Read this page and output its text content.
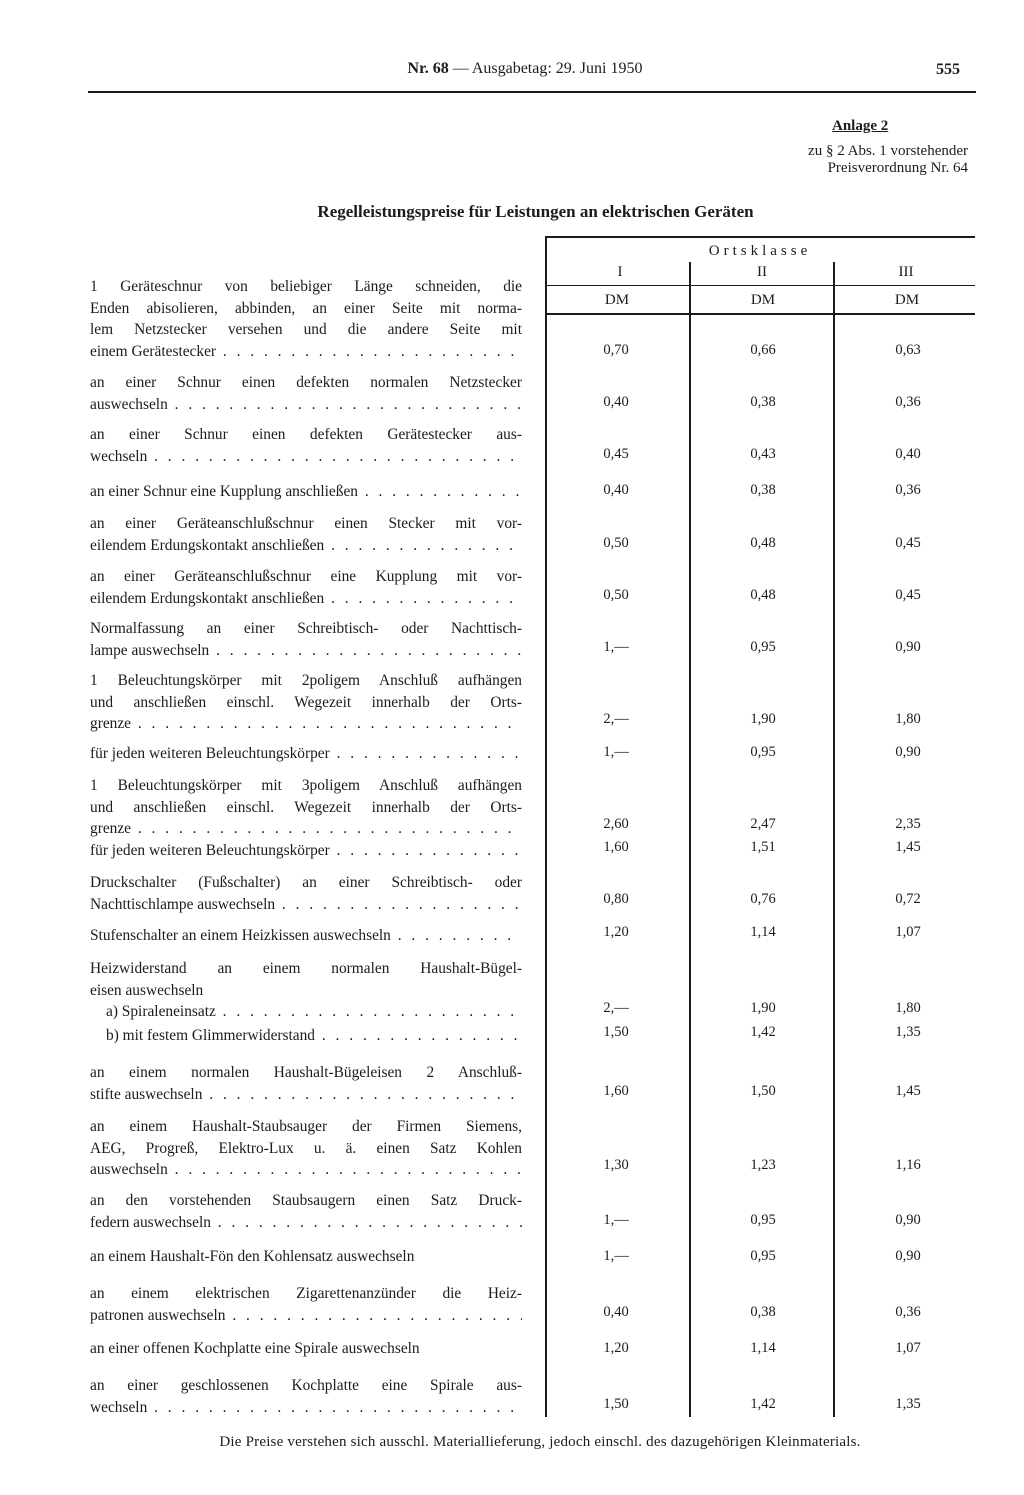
Nr. 68 — Ausgabetag: 29. Juni 1950	555
Anlage 2
zu § 2 Abs. 1 vorstehender
Preisverordnung Nr. 64
Regelleistungspreise für Leistungen an elektrischen Geräten
Ortsklasse
I	II	III
DM	DM	DM
1 Geräteschnur von beliebiger Länge schneiden, die
Enden abisolieren, abbinden, an einer Seite mit norma-
lem Netzstecker versehen und die andere Seite mit
einem Gerätestecker . . .	0,70	0,66	0,63
an einer Schnur einen defekten normalen Netzstecker
auswechseln . . .	0,40	0,38	0,36
an einer Schnur einen defekten Gerätestecker aus-
wechseln . . .	0,45	0,43	0,40
an einer Schnur eine Kupplung anschließen . . .	0,40	0,38	0,36
an einer Geräteanschlußschnur einen Stecker mit vor-
eilendem Erdungskontakt anschließen . . .	0,50	0,48	0,45
an einer Geräteanschlußschnur eine Kupplung mit vor-
eilendem Erdungskontakt anschließen . . .	0,50	0,48	0,45
Normalfassung an einer Schreibtisch- oder Nachttisch-
lampe auswechseln . . .	1,—	0,95	0,90
1 Beleuchtungskörper mit 2poligem Anschluß aufhängen
und anschließen einschl. Wegezeit innerhalb der Orts-
grenze . . .	2,—	1,90	1,80
für jeden weiteren Beleuchtungskörper . . .	1,—	0,95	0,90
1 Beleuchtungskörper mit 3poligem Anschluß aufhängen
und anschließen einschl. Wegezeit innerhalb der Orts-
grenze . . .	2,60	2,47	2,35
für jeden weiteren Beleuchtungskörper . . .	1,60	1,51	1,45
Druckschalter (Fußschalter) an einer Schreibtisch- oder
Nachttischlampe auswechseln . . .	0,80	0,76	0,72
Stufenschalter an einem Heizkissen auswechseln . . .	1,20	1,14	1,07
Heizwiderstand an einem normalen Haushalt-Bügel-
eisen auswechseln
a) Spiraleneinsatz . . .	2,—	1,90	1,80
b) mit festem Glimmerwiderstand . . .	1,50	1,42	1,35
an einem normalen Haushalt-Bügeleisen 2 Anschluß-
stifte auswechseln . . .	1,60	1,50	1,45
an einem Haushalt-Staubsauger der Firmen Siemens,
AEG, Progreß, Elektro-Lux u. ä. einen Satz Kohlen
auswechseln . . .	1,30	1,23	1,16
an den vorstehenden Staubsaugern einen Satz Druck-
federn auswechseln . . .	1,—	0,95	0,90
an einem Haushalt-Fön den Kohlensatz auswechseln	1,—	0,95	0,90
an einem elektrischen Zigarettenanzünder die Heiz-
patronen auswechseln . . .	0,40	0,38	0,36
an einer offenen Kochplatte eine Spirale auswechseln	1,20	1,14	1,07
an einer geschlossenen Kochplatte eine Spirale aus-
wechseln . . .	1,50	1,42	1,35
Die Preise verstehen sich ausschl. Materiallieferung, jedoch einschl. des dazugehörigen Kleinmaterials.
